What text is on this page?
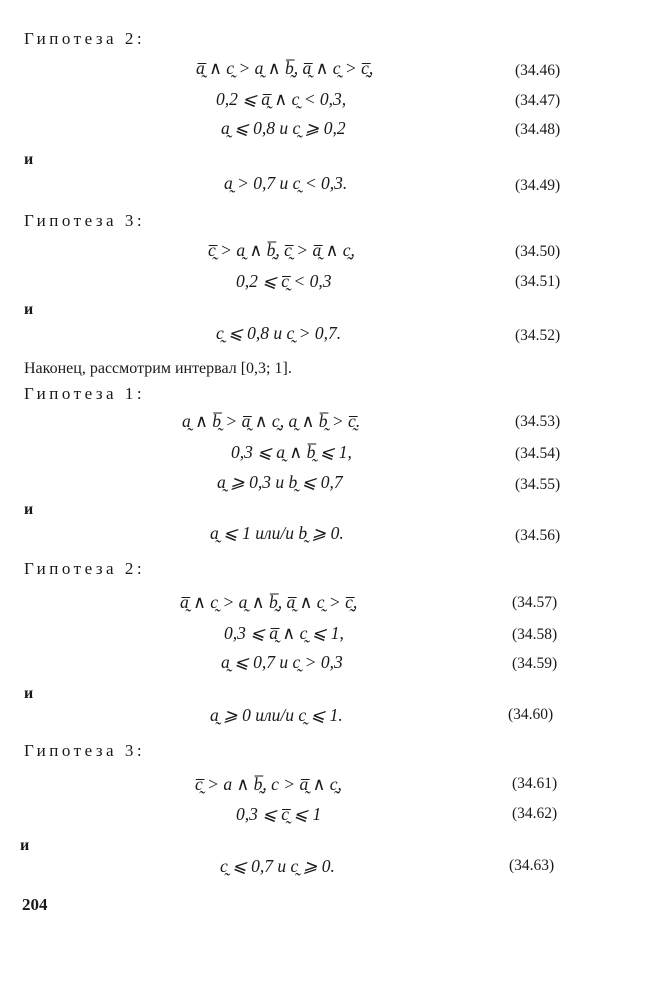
Гипотеза 2:
a̰̅ ∧ c̰ > a̰ ∧ b̰̅, a̰̅ ∧ c̰ > c̰̅,	(34.46)
0,2 ⩽ a̰̅ ∧ c̰ < 0,3,	(34.47)
a̰ ⩽ 0,8 и c̰ ⩾ 0,2	(34.48)
и
a̰ > 0,7 и c̰ < 0,3.	(34.49)
Гипотеза 3:
c̰̅ > a̰ ∧ b̰̅, c̰̅ > a̰̅ ∧ c̰,	(34.50)
0,2 ⩽ c̰̅ < 0,3	(34.51)
и
c̰ ⩽ 0,8 и c̰ > 0,7.	(34.52)
Наконец, рассмотрим интервал [0,3; 1].
Гипотеза 1:
a̰ ∧ b̰̅ > a̰̅ ∧ c̰, a̰ ∧ b̰̅ > c̰̅.	(34.53)
0,3 ⩽ a̰ ∧ b̰̅ ⩽ 1,	(34.54)
a̰ ⩾ 0,3 и b̰ ⩽ 0,7	(34.55)
и
a̰ ⩽ 1 или/и b̰ ⩾ 0.	(34.56)
Гипотеза 2:
a̰̅ ∧ c̰ > a̰ ∧ b̰̅, a̰̅ ∧ c̰ > c̰̅,	(34.57)
0,3 ⩽ a̰̅ ∧ c̰ ⩽ 1,	(34.58)
a̰ ⩽ 0,7 и c̰ > 0,3	(34.59)
и
a̰ ⩾ 0 или/и c̰ ⩽ 1.	(34.60)
Гипотеза 3:
c̰̅ > a ∧ b̰̅, c > a̰̅ ∧ c̰,	(34.61)
0,3 ⩽ c̰̅ ⩽ 1	(34.62)
и
c̰ ⩽ 0,7 и c̰ ⩾ 0.	(34.63)
204
